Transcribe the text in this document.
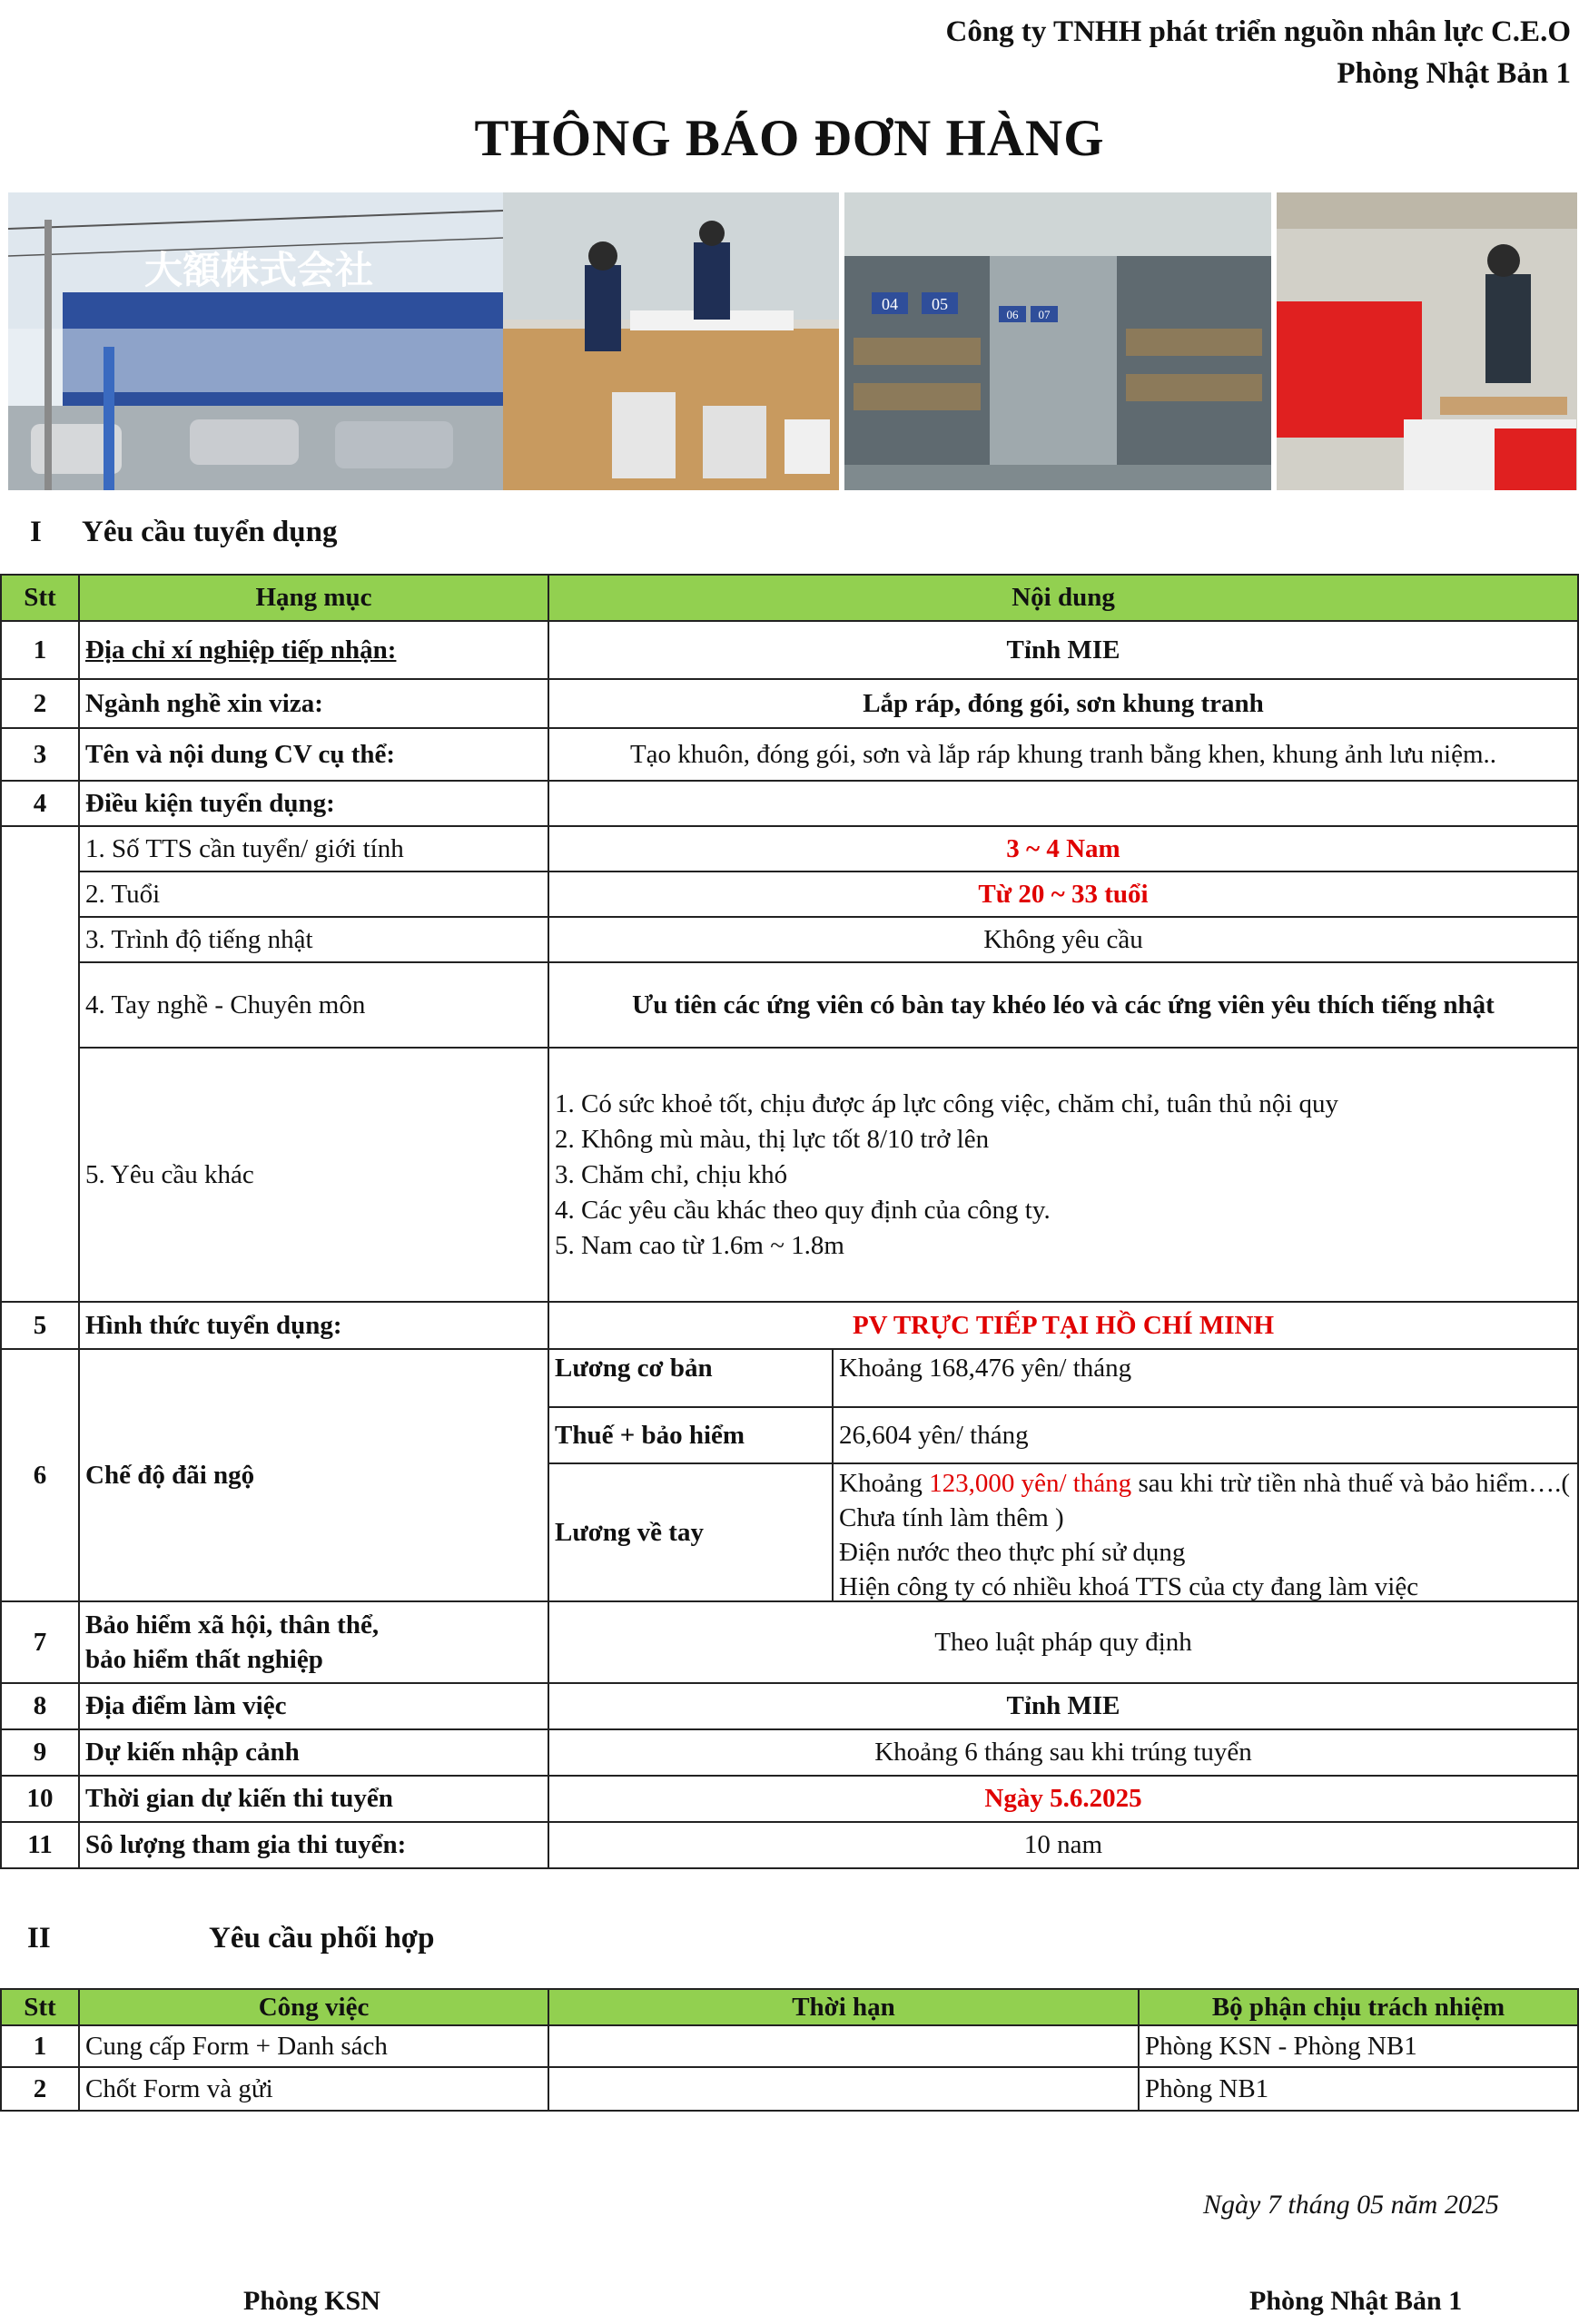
Công ty TNHH phát triển nguồn nhân lực C.E.O
Phòng Nhật Bản 1
THÔNG BÁO ĐƠN HÀNG
大額株式会社
04 05
06 07
I Yêu cầu tuyển dụng
Stt	Hạng mục	Nội dung	
1	Địa chỉ xí nghiệp tiếp nhận:	Tỉnh MIE	
2	Ngành nghề xin viza:	Lắp ráp, đóng gói, sơn khung tranh	
3	Tên và nội dung CV cụ thể:	Tạo khuôn, đóng gói, sơn và lắp ráp khung tranh bằng khen, khung ảnh lưu niệm..	
4	Điều kiện tuyển dụng:		
	1. Số TTS cần tuyển/ giới tính	3 ~ 4 Nam	
	2. Tuổi	Từ 20 ~ 33 tuổi	
	3. Trình độ tiếng nhật	Không yêu cầu	
	4. Tay nghề - Chuyên môn	Ưu tiên các ứng viên có bàn tay khéo léo và các ứng viên yêu thích tiếng nhật	
	5. Yêu cầu khác	1. Có sức khoẻ tốt, chịu được áp lực công việc, chăm chỉ, tuân thủ nội quy
2. Không mù màu, thị lực tốt 8/10 trở lên
3. Chăm chỉ, chịu khó
4. Các yêu cầu khác theo quy định của công ty.
5. Nam cao từ 1.6m ~ 1.8m	

5	Hình thức tuyển dụng:	PV TRỰC TIẾP TẠI HỒ CHÍ MINH	
6	Chế độ đãi ngộ	Lương cơ bản	Khoảng 168,476 yên/ tháng
		Thuế + bảo hiểm	26,604 yên/ tháng
		Lương về tay	Khoảng 123,000 yên/ tháng sau khi trừ tiền nhà thuế và bảo hiểm….( Chưa tính làm thêm )
Điện nước theo thực phí sử dụng
Hiện công ty có nhiều khoá TTS của cty đang làm việc

7	Bảo hiểm xã hội, thân thể,
bảo hiểm thất nghiệp	Theo luật pháp quy định	
8	Địa điểm làm việc	Tỉnh MIE	
9	Dự kiến nhập cảnh	Khoảng 6 tháng sau khi trúng tuyển	
10	Thời gian dự kiến thi tuyển	Ngày 5.6.2025	
11	Sô lượng tham gia thi tuyển:	10 nam	
II	Yêu cầu phối hợp
Stt	Công việc	Thời hạn	Bộ phận chịu trách nhiệm
1	Cung cấp Form + Danh sách		Phòng KSN - Phòng NB1
2	Chốt Form và gửi		Phòng NB1
Ngày 7 tháng 05 năm 2025
Phòng KSN	Phòng Nhật Bản 1
